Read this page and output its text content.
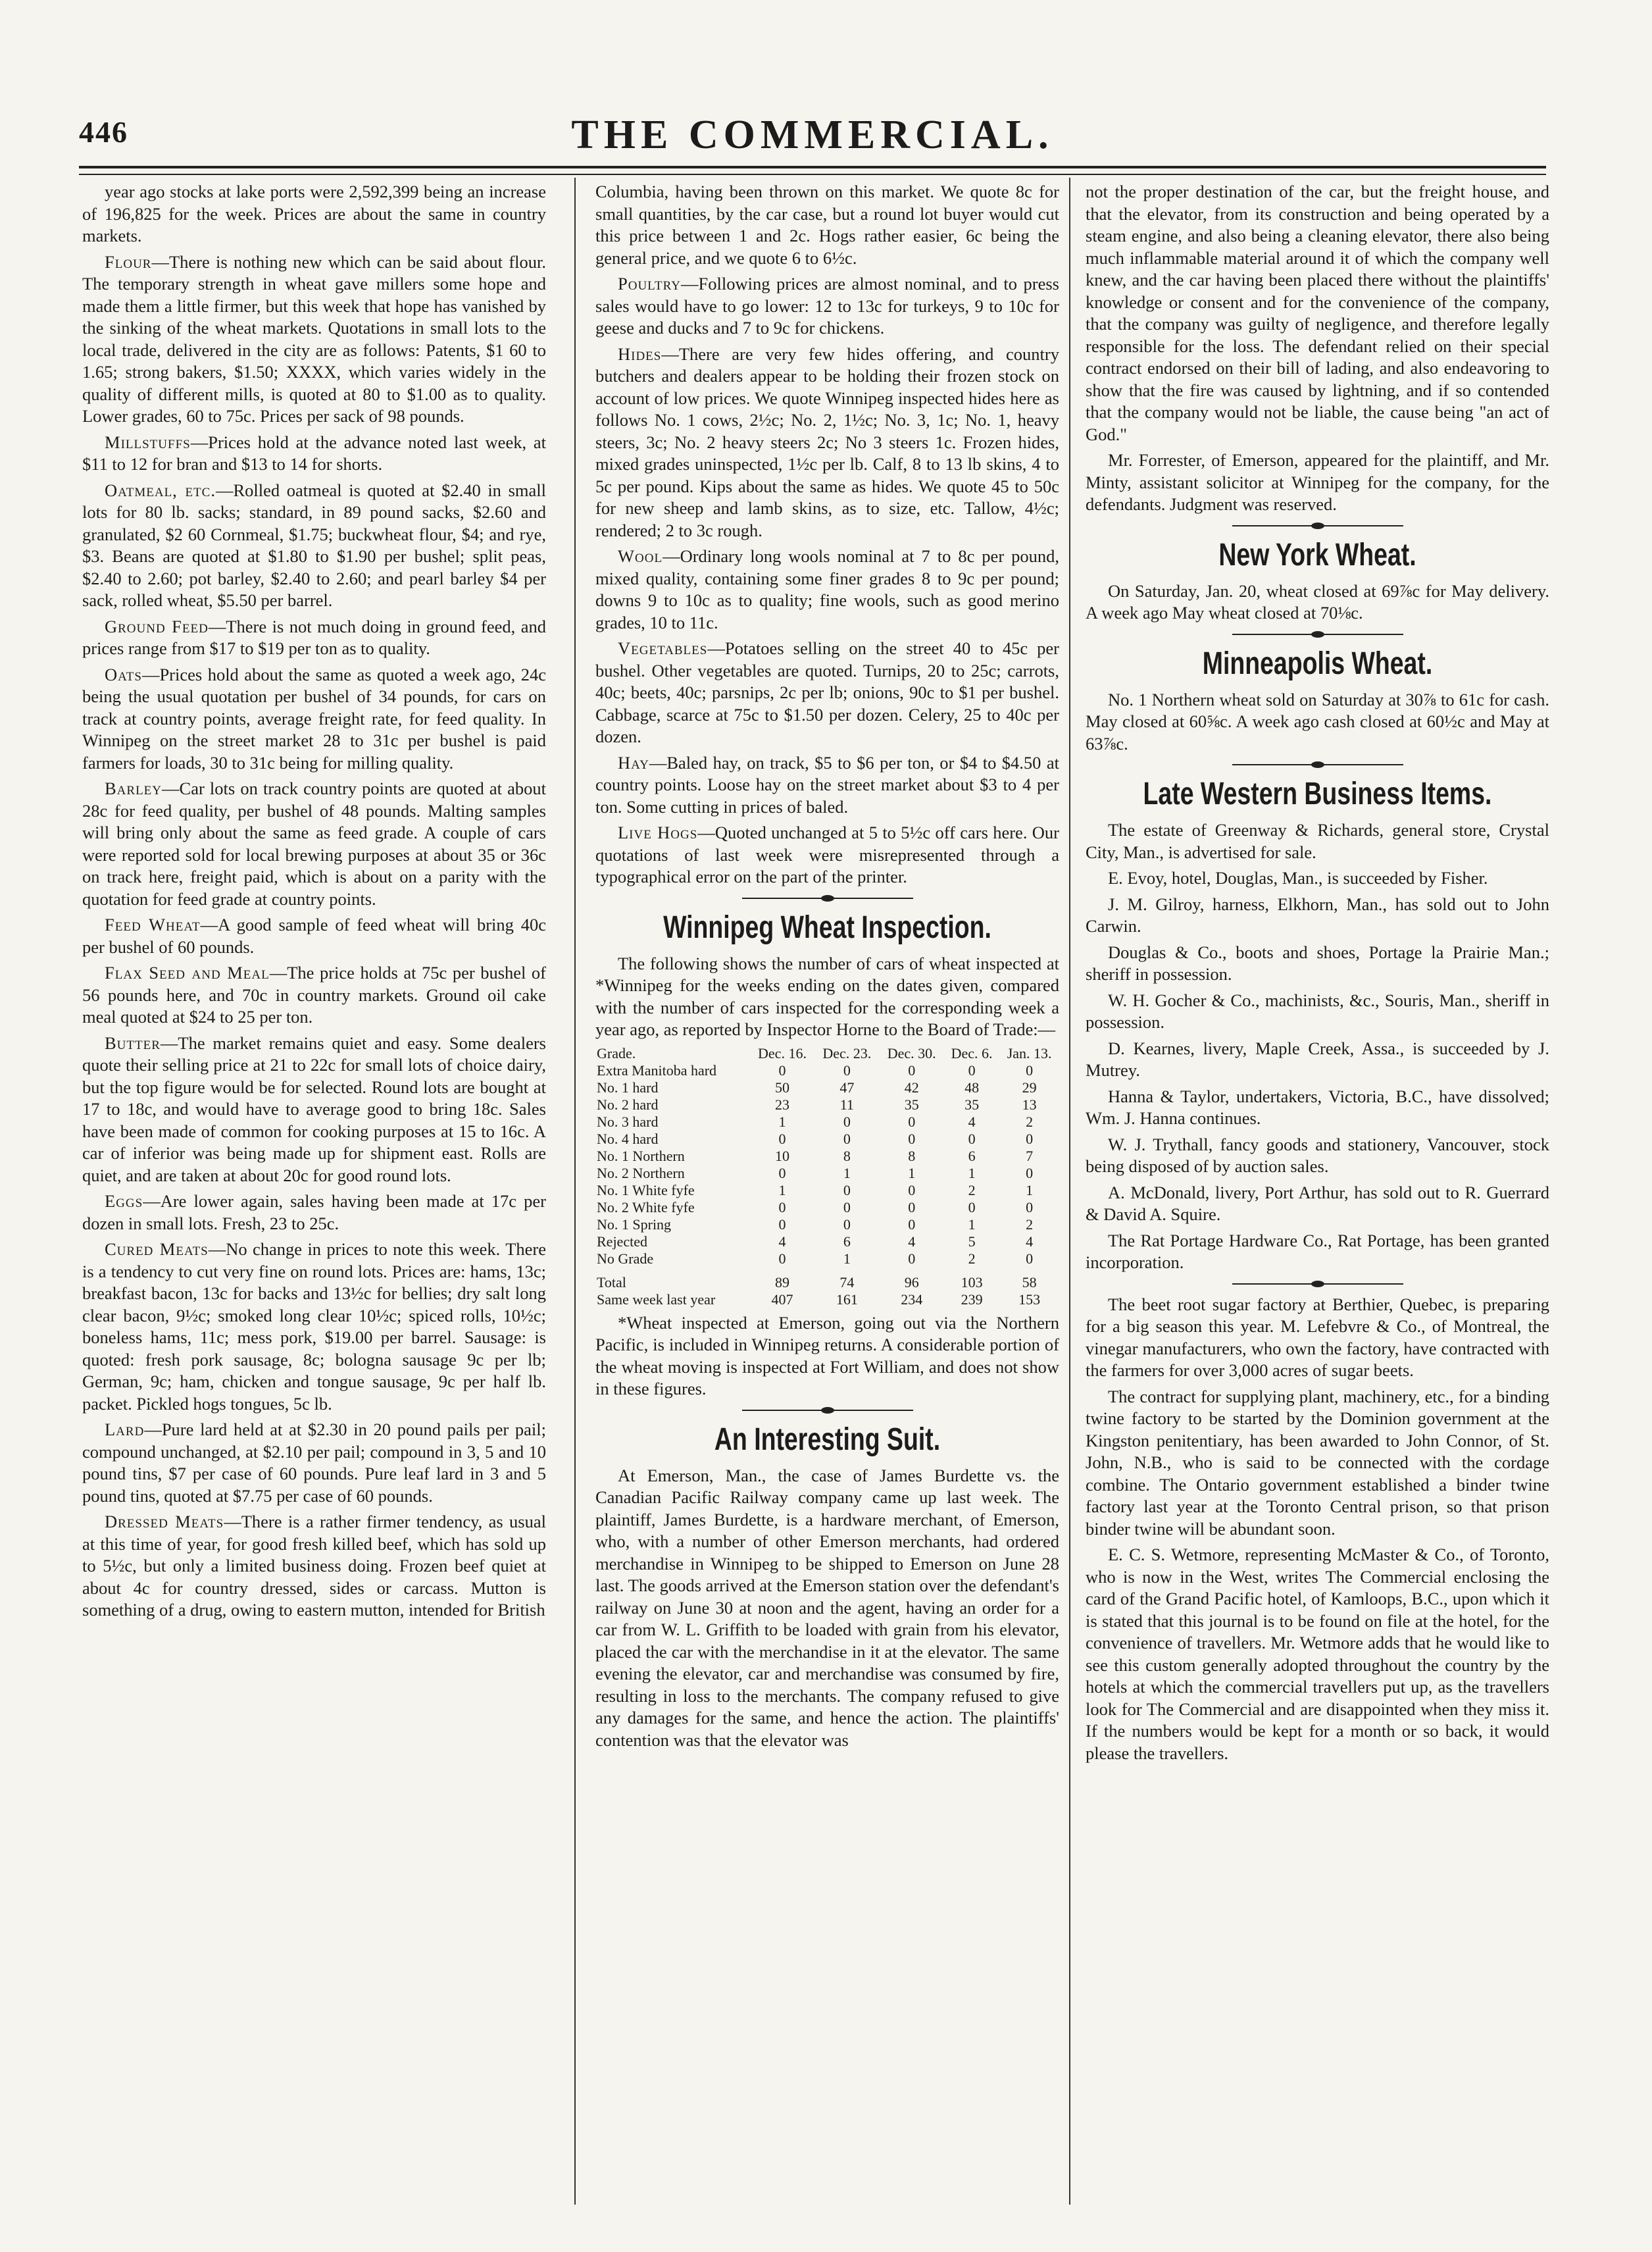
446	THE COMMERCIAL.

year ago stocks at lake ports were 2,592,399 being an increase of 196,825 for the week. Prices are about the same in country markets.

Flour—There is nothing new which can be said about flour. The temporary strength in wheat gave millers some hope and made them a little firmer, but this week that hope has vanished by the sinking of the wheat markets. Quotations in small lots to the local trade, delivered in the city are as follows: Patents, $1 60 to 1.65; strong bakers, $1.50; XXXX, which varies widely in the quality of different mills, is quoted at 80 to $1.00 as to quality. Lower grades, 60 to 75c. Prices per sack of 98 pounds.

Millstuffs—Prices hold at the advance noted last week, at $11 to 12 for bran and $13 to 14 for shorts.

Oatmeal, etc.—Rolled oatmeal is quoted at $2.40 in small lots for 80 lb. sacks; standard, in 89 pound sacks, $2.60 and granulated, $2 60 Cornmeal, $1.75; buckwheat flour, $4; and rye, $3. Beans are quoted at $1.80 to $1.90 per bushel; split peas, $2.40 to 2.60; pot barley, $2.40 to 2.60; and pearl barley $4 per sack, rolled wheat, $5.50 per barrel.

Ground Feed—There is not much doing in ground feed, and prices range from $17 to $19 per ton as to quality.

Oats—Prices hold about the same as quoted a week ago, 24c being the usual quotation per bushel of 34 pounds, for cars on track at country points, average freight rate, for feed quality. In Winnipeg on the street market 28 to 31c per bushel is paid farmers for loads, 30 to 31c being for milling quality.

Barley—Car lots on track country points are quoted at about 28c for feed quality, per bushel of 48 pounds. Malting samples will bring only about the same as feed grade. A couple of cars were reported sold for local brewing purposes at about 35 or 36c on track here, freight paid, which is about on a parity with the quotation for feed grade at country points.

Feed Wheat—A good sample of feed wheat will bring 40c per bushel of 60 pounds.

Flax Seed and Meal—The price holds at 75c per bushel of 56 pounds here, and 70c in country markets. Ground oil cake meal quoted at $24 to 25 per ton.

Butter—The market remains quiet and easy. Some dealers quote their selling price at 21 to 22c for small lots of choice dairy, but the top figure would be for selected. Round lots are bought at 17 to 18c, and would have to average good to bring 18c. Sales have been made of common for cooking purposes at 15 to 16c. A car of inferior was being made up for shipment east. Rolls are quiet, and are taken at about 20c for good round lots.

Eggs—Are lower again, sales having been made at 17c per dozen in small lots. Fresh, 23 to 25c.

Cured Meats—No change in prices to note this week. There is a tendency to cut very fine on round lots. Prices are: hams, 13c; breakfast bacon, 13c for backs and 13½c for bellies; dry salt long clear bacon, 9½c; smoked long clear 10½c; spiced rolls, 10½c; boneless hams, 11c; mess pork, $19.00 per barrel. Sausage: is quoted: fresh pork sausage, 8c; bologna sausage 9c per lb; German, 9c; ham, chicken and tongue sausage, 9c per half lb. packet. Pickled hogs tongues, 5c lb.

Lard—Pure lard held at at $2.30 in 20 pound pails per pail; compound unchanged, at $2.10 per pail; compound in 3, 5 and 10 pound tins, $7 per case of 60 pounds. Pure leaf lard in 3 and 5 pound tins, quoted at $7.75 per case of 60 pounds.

Dressed Meats—There is a rather firmer tendency, as usual at this time of year, for good fresh killed beef, which has sold up to 5½c, but only a limited business doing. Frozen beef quiet at about 4c for country dressed, sides or carcass. Mutton is something of a drug, owing to eastern mutton, intended for British

Columbia, having been thrown on this market. We quote 8c for small quantities, by the car case, but a round lot buyer would cut this price between 1 and 2c. Hogs rather easier, 6c being the general price, and we quote 6 to 6½c.

Poultry—Following prices are almost nominal, and to press sales would have to go lower: 12 to 13c for turkeys, 9 to 10c for geese and ducks and 7 to 9c for chickens.

Hides—There are very few hides offering, and country butchers and dealers appear to be holding their frozen stock on account of low prices. We quote Winnipeg inspected hides here as follows No. 1 cows, 2½c; No. 2, 1½c; No. 3, 1c; No. 1, heavy steers, 3c; No. 2 heavy steers 2c; No 3 steers 1c. Frozen hides, mixed grades uninspected, 1½c per lb. Calf, 8 to 13 lb skins, 4 to 5c per pound. Kips about the same as hides. We quote 45 to 50c for new sheep and lamb skins, as to size, etc. Tallow, 4½c; rendered; 2 to 3c rough.

Wool—Ordinary long wools nominal at 7 to 8c per pound, mixed quality, containing some finer grades 8 to 9c per pound; downs 9 to 10c as to quality; fine wools, such as good merino grades, 10 to 11c.

Vegetables—Potatoes selling on the street 40 to 45c per bushel. Other vegetables are quoted. Turnips, 20 to 25c; carrots, 40c; beets, 40c; parsnips, 2c per lb; onions, 90c to $1 per bushel. Cabbage, scarce at 75c to $1.50 per dozen. Celery, 25 to 40c per dozen.

Hay—Baled hay, on track, $5 to $6 per ton, or $4 to $4.50 at country points. Loose hay on the street market about $3 to 4 per ton. Some cutting in prices of baled.

Live Hogs—Quoted unchanged at 5 to 5½c off cars here. Our quotations of last week were misrepresented through a typographical error on the part of the printer.

Winnipeg Wheat Inspection.

The following shows the number of cars of wheat inspected at *Winnipeg for the weeks ending on the dates given, compared with the number of cars inspected for the corresponding week a year ago, as reported by Inspector Horne to the Board of Trade:—

Grade.	Dec. 16.	Dec. 23.	Dec. 30.	Dec. 6.	Jan. 13.
Extra Manitoba hard	0	0	0	0	0
No. 1 hard	50	47	42	48	29
No. 2 hard	23	11	35	35	13
No. 3 hard	1	0	0	4	2
No. 4 hard	0	0	0	0	0
No. 1 Northern	10	8	8	6	7
No. 2 Northern	0	1	1	1	0
No. 1 White fyfe	1	0	0	2	1
No. 2 White fyfe	0	0	0	0	0
No. 1 Spring	0	0	0	1	2
Rejected	4	6	4	5	4
No Grade	0	1	0	2	0
Total	89	74	96	103	58
Same week last year	407	161	234	239	153

*Wheat inspected at Emerson, going out via the Northern Pacific, is included in Winnipeg returns. A considerable portion of the wheat moving is inspected at Fort William, and does not show in these figures.

An Interesting Suit.

At Emerson, Man., the case of James Burdette vs. the Canadian Pacific Railway company came up last week. The plaintiff, James Burdette, is a hardware merchant, of Emerson, who, with a number of other Emerson merchants, had ordered merchandise in Winnipeg to be shipped to Emerson on June 28 last. The goods arrived at the Emerson station over the defendant's railway on June 30 at noon and the agent, having an order for a car from W. L. Griffith to be loaded with grain from his elevator, placed the car with the merchandise in it at the elevator. The same evening the elevator, car and merchandise was consumed by fire, resulting in loss to the merchants. The company refused to give any damages for the same, and hence the action. The plaintiffs' contention was that the elevator was

not the proper destination of the car, but the freight house, and that the elevator, from its construction and being operated by a steam engine, and also being a cleaning elevator, there also being much inflammable material around it of which the company well knew, and the car having been placed there without the plaintiffs' knowledge or consent and for the convenience of the company, that the company was guilty of negligence, and therefore legally responsible for the loss. The defendant relied on their special contract endorsed on their bill of lading, and also endeavoring to show that the fire was caused by lightning, and if so contended that the company would not be liable, the cause being "an act of God."

Mr. Forrester, of Emerson, appeared for the plaintiff, and Mr. Minty, assistant solicitor at Winnipeg for the company, for the defendants. Judgment was reserved.

New York Wheat.

On Saturday, Jan. 20, wheat closed at 69⅞c for May delivery. A week ago May wheat closed at 70⅛c.

Minneapolis Wheat.

No. 1 Northern wheat sold on Saturday at 30⅞ to 61c for cash. May closed at 60⅝c. A week ago cash closed at 60½c and May at 63⅞c.

Late Western Business Items.

The estate of Greenway & Richards, general store, Crystal City, Man., is advertised for sale.

E. Evoy, hotel, Douglas, Man., is succeeded by Fisher.

J. M. Gilroy, harness, Elkhorn, Man., has sold out to John Carwin.

Douglas & Co., boots and shoes, Portage la Prairie Man.; sheriff in possession.

W. H. Gocher & Co., machinists, &c., Souris, Man., sheriff in possession.

D. Kearnes, livery, Maple Creek, Assa., is succeeded by J. Mutrey.

Hanna & Taylor, undertakers, Victoria, B.C., have dissolved; Wm. J. Hanna continues.

W. J. Trythall, fancy goods and stationery, Vancouver, stock being disposed of by auction sales.

A. McDonald, livery, Port Arthur, has sold out to R. Guerrard & David A. Squire.

The Rat Portage Hardware Co., Rat Portage, has been granted incorporation.

The beet root sugar factory at Berthier, Quebec, is preparing for a big season this year. M. Lefebvre & Co., of Montreal, the vinegar manufacturers, who own the factory, have contracted with the farmers for over 3,000 acres of sugar beets.

The contract for supplying plant, machinery, etc., for a binding twine factory to be started by the Dominion government at the Kingston penitentiary, has been awarded to John Connor, of St. John, N.B., who is said to be connected with the cordage combine. The Ontario government established a binder twine factory last year at the Toronto Central prison, so that prison binder twine will be abundant soon.

E. C. S. Wetmore, representing McMaster & Co., of Toronto, who is now in the West, writes The Commercial enclosing the card of the Grand Pacific hotel, of Kamloops, B.C., upon which it is stated that this journal is to be found on file at the hotel, for the convenience of travellers. Mr. Wetmore adds that he would like to see this custom generally adopted throughout the country by the hotels at which the commercial travellers put up, as the travellers look for The Commercial and are disappointed when they miss it. If the numbers would be kept for a month or so back, it would please the travellers.
